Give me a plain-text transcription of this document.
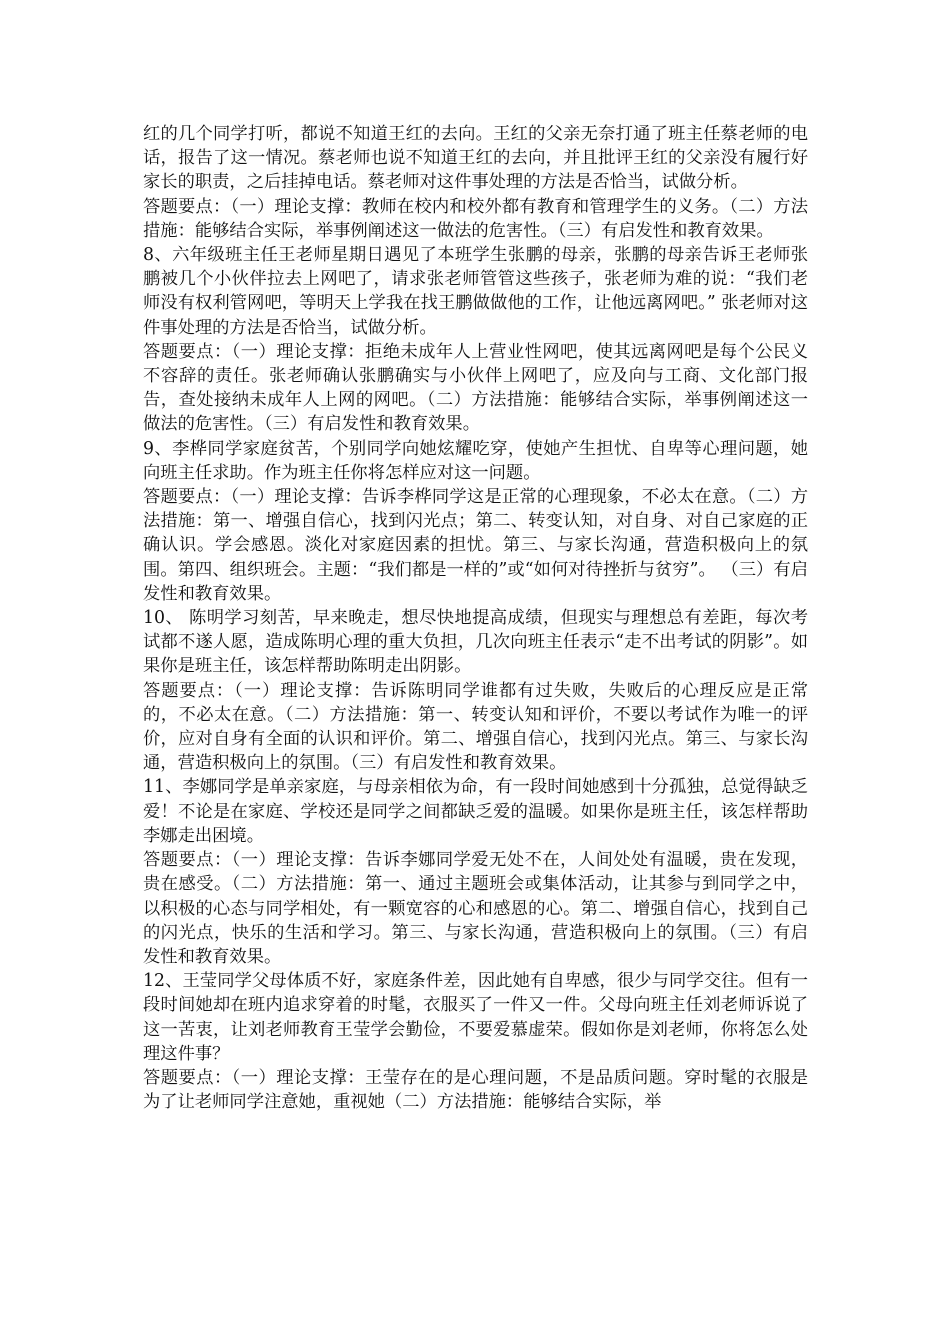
红的几个同学打听，都说不知道王红的去向。王红的父亲无奈打通了班主任蔡老师的电话，报告了这一情况。蔡老师也说不知道王红的去向，并且批评王红的父亲没有履行好家长的职责，之后挂掉电话。蔡老师对这件事处理的方法是否恰当，试做分析。

答题要点：（一）理论支撑：教师在校内和校外都有教育和管理学生的义务。（二）方法措施：能够结合实际，举事例阐述这一做法的危害性。（三）有启发性和教育效果。

8、六年级班主任王老师星期日遇见了本班学生张鹏的母亲，张鹏的母亲告诉王老师张鹏被几个小伙伴拉去上网吧了，请求张老师管管这些孩子，张老师为难的说：“我们老师没有权利管网吧，等明天上学我在找王鹏做做他的工作，让他远离网吧。” 张老师对这件事处理的方法是否恰当，试做分析。

答题要点：（一）理论支撑：拒绝未成年人上营业性网吧，使其远离网吧是每个公民义不容辞的责任。张老师确认张鹏确实与小伙伴上网吧了，应及向与工商、文化部门报告，查处接纳未成年人上网的网吧。（二）方法措施：能够结合实际，举事例阐述这一做法的危害性。（三）有启发性和教育效果。

9、李桦同学家庭贫苦，个别同学向她炫耀吃穿，使她产生担忧、自卑等心理问题，她向班主任求助。作为班主任你将怎样应对这一问题。

答题要点：（一）理论支撑：告诉李桦同学这是正常的心理现象，不必太在意。（二）方法措施：第一、增强自信心，找到闪光点；第二、转变认知，对自身、对自己家庭的正确认识。学会感恩。淡化对家庭因素的担忧。第三、与家长沟通，营造积极向上的氛围。第四、组织班会。主题：“我们都是一样的”或“如何对待挫折与贫穷”。 （三）有启发性和教育效果。

10、 陈明学习刻苦，早来晚走，想尽快地提高成绩，但现实与理想总有差距，每次考试都不遂人愿，造成陈明心理的重大负担，几次向班主任表示“走不出考试的阴影”。如果你是班主任，该怎样帮助陈明走出阴影。

答题要点：（一）理论支撑：告诉陈明同学谁都有过失败，失败后的心理反应是正常的，不必太在意。（二）方法措施：第一、转变认知和评价，不要以考试作为唯一的评价，应对自身有全面的认识和评价。第二、增强自信心，找到闪光点。第三、与家长沟通，营造积极向上的氛围。（三）有启发性和教育效果。

11、李娜同学是单亲家庭，与母亲相依为命，有一段时间她感到十分孤独，总觉得缺乏爱！不论是在家庭、学校还是同学之间都缺乏爱的温暖。如果你是班主任，该怎样帮助李娜走出困境。

答题要点：（一）理论支撑：告诉李娜同学爱无处不在，人间处处有温暖，贵在发现，贵在感受。（二）方法措施：第一、通过主题班会或集体活动，让其参与到同学之中，以积极的心态与同学相处，有一颗宽容的心和感恩的心。第二、增强自信心，找到自己的闪光点，快乐的生活和学习。第三、与家长沟通，营造积极向上的氛围。（三）有启发性和教育效果。

12、王莹同学父母体质不好，家庭条件差，因此她有自卑感，很少与同学交往。但有一段时间她却在班内追求穿着的时髦，衣服买了一件又一件。父母向班主任刘老师诉说了这一苦衷，让刘老师教育王莹学会勤俭，不要爱慕虚荣。假如你是刘老师，你将怎么处理这件事？

答题要点：（一）理论支撑：王莹存在的是心理问题，不是品质问题。穿时髦的衣服是为了让老师同学注意她，重视她（二）方法措施：能够结合实际，举
